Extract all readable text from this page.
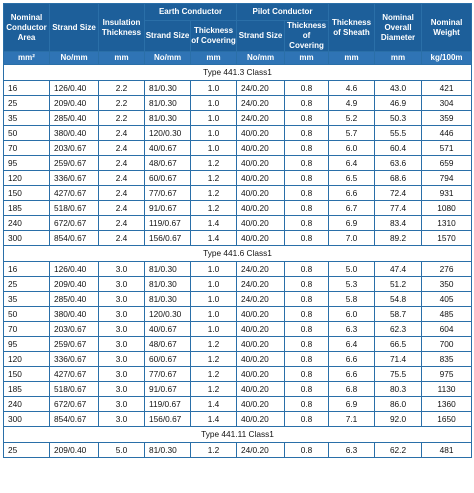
Nominal Conductor Area	Strand Size	Insulation Thickness	Earth Conductor		Pilot Conductor		Thickness of Sheath	Nominal Overall Diameter	Nominal Weight
			Strand Size	Thickness of Covering	Strand Size	Thickness of Covering			
mm²	No/mm	mm	No/mm	mm	No/mm	mm	mm	mm	kg/100m
Type 441.3 Class1									
16	126/0.40	2.2	81/0.30	1.0	24/0.20	0.8	4.6	43.0	421
25	209/0.40	2.2	81/0.30	1.0	24/0.20	0.8	4.9	46.9	304
35	285/0.40	2.2	81/0.30	1.0	24/0.20	0.8	5.2	50.3	359
50	380/0.40	2.4	120/0.30	1.0	40/0.20	0.8	5.7	55.5	446
70	203/0.67	2.4	40/0.67	1.0	40/0.20	0.8	6.0	60.4	571
95	259/0.67	2.4	48/0.67	1.2	40/0.20	0.8	6.4	63.6	659
120	336/0.67	2.4	60/0.67	1.2	40/0.20	0.8	6.5	68.6	794
150	427/0.67	2.4	77/0.67	1.2	40/0.20	0.8	6.6	72.4	931
185	518/0.67	2.4	91/0.67	1.2	40/0.20	0.8	6.7	77.4	1080
240	672/0.67	2.4	119/0.67	1.4	40/0.20	0.8	6.9	83.4	1310
300	854/0.67	2.4	156/0.67	1.4	40/0.20	0.8	7.0	89.2	1570
Type 441.6 Class1									
16	126/0.40	3.0	81/0.30	1.0	24/0.20	0.8	5.0	47.4	276
25	209/0.40	3.0	81/0.30	1.0	24/0.20	0.8	5.3	51.2	350
35	285/0.40	3.0	81/0.30	1.0	24/0.20	0.8	5.8	54.8	405
50	380/0.40	3.0	120/0.30	1.0	40/0.20	0.8	6.0	58.7	485
70	203/0.67	3.0	40/0.67	1.0	40/0.20	0.8	6.3	62.3	604
95	259/0.67	3.0	48/0.67	1.2	40/0.20	0.8	6.4	66.5	700
120	336/0.67	3.0	60/0.67	1.2	40/0.20	0.8	6.6	71.4	835
150	427/0.67	3.0	77/0.67	1.2	40/0.20	0.8	6.6	75.5	975
185	518/0.67	3.0	91/0.67	1.2	40/0.20	0.8	6.8	80.3	1130
240	672/0.67	3.0	119/0.67	1.4	40/0.20	0.8	6.9	86.0	1360
300	854/0.67	3.0	156/0.67	1.4	40/0.20	0.8	7.1	92.0	1650
Type 441.11 Class1									
25	209/0.40	5.0	81/0.30	1.2	24/0.20	0.8	6.3	62.2	481
